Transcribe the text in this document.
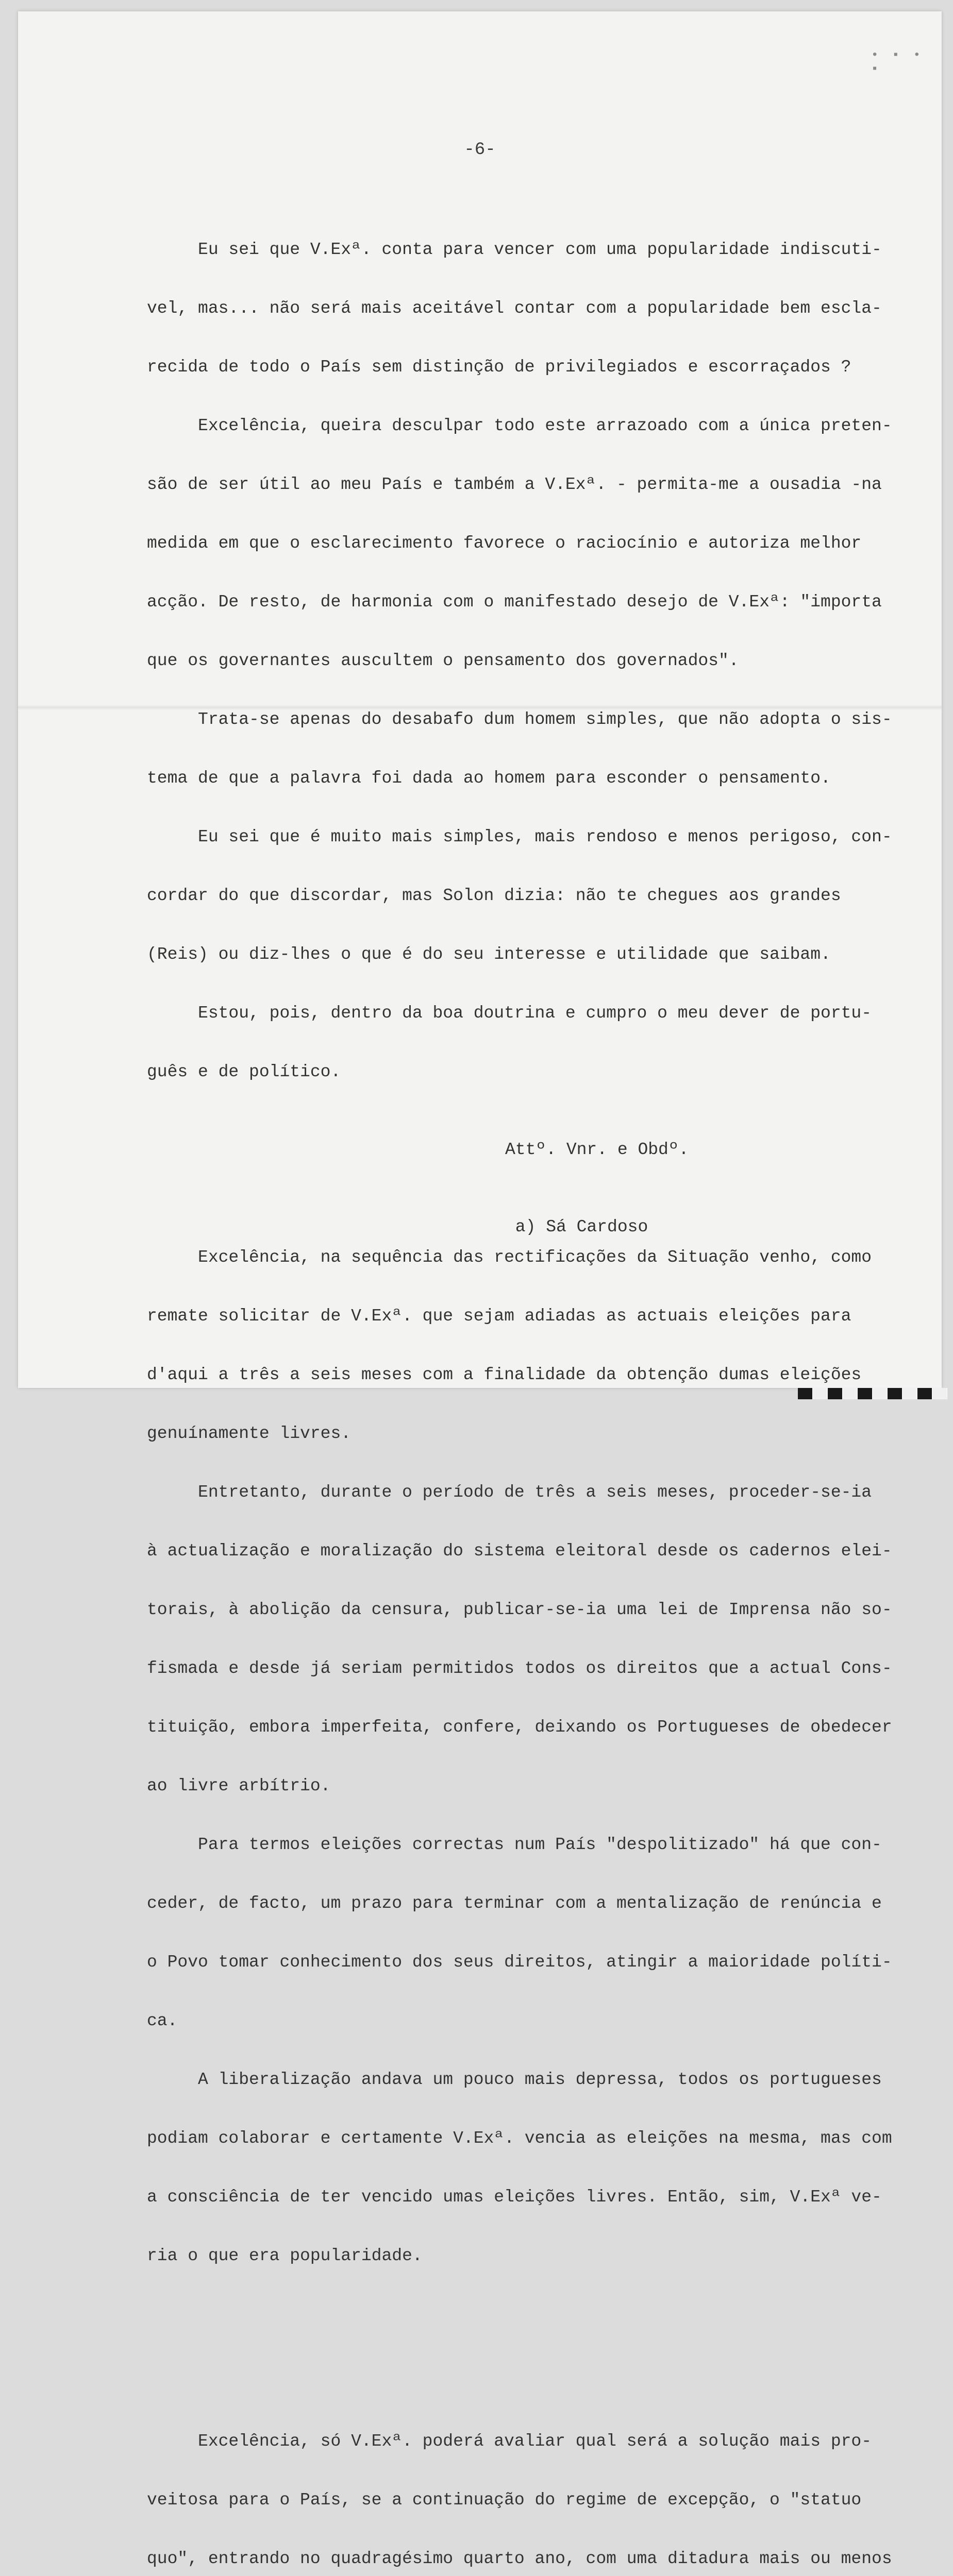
• ▪ • ▪
-6-

Eu sei que V.Exª. conta para vencer com uma popularidade indiscuti-

vel, mas... não será mais aceitável contar com a popularidade bem escla-

recida de todo o País sem distinção de privilegiados e escorraçados ?

Excelência, queira desculpar todo este arrazoado com a única preten-

são de ser útil ao meu País e também a V.Exª. - permita-me a ousadia -na

medida em que o esclarecimento favorece o raciocínio e autoriza melhor

acção. De resto, de harmonia com o manifestado desejo de V.Exª: "importa

que os governantes auscultem o pensamento dos governados".

Trata-se apenas do desabafo dum homem simples, que não adopta o sis-

tema de que a palavra foi dada ao homem para esconder o pensamento.

Eu sei que é muito mais simples, mais rendoso e menos perigoso, con-

cordar do que discordar, mas Solon dizia: não te chegues aos grandes

(Reis) ou diz-lhes o que é do seu interesse e utilidade que saibam.

Estou, pois, dentro da boa doutrina e cumpro o meu dever de portu-

guês e de político.

Excelência, na sequência das rectificações da Situação venho, como

remate solicitar de V.Exª. que sejam adiadas as actuais eleições para

d'aqui a três a seis meses com a finalidade da obtenção dumas eleições

genuínamente livres.

Entretanto, durante o período de três a seis meses, proceder-se-ia

à actualização e moralização do sistema eleitoral desde os cadernos elei-

torais, à abolição da censura, publicar-se-ia uma lei de Imprensa não so-

fismada e desde já seriam permitidos todos os direitos que a actual Cons-

tituição, embora imperfeita, confere, deixando os Portugueses de obedecer

ao livre arbítrio.

Para termos eleições correctas num País "despolitizado" há que con-

ceder, de facto, um prazo para terminar com a mentalização de renúncia e

o Povo tomar conhecimento dos seus direitos, atingir a maioridade políti-

ca.

A liberalização andava um pouco mais depressa, todos os portugueses

podiam colaborar e certamente V.Exª. vencia as eleições na mesma, mas com

a consciência de ter vencido umas eleições livres. Então, sim, V.Exª ve-

ria o que era popularidade.

Excelência, só V.Exª. poderá avaliar qual será a solução mais pro-

veitosa para o País, se a continuação do regime de excepção, o "statuo

quo", entrando no quadragésimo quarto ano, com uma ditadura mais ou menos

Attº. Vnr. e Obdº.

a) Sá Cardoso
